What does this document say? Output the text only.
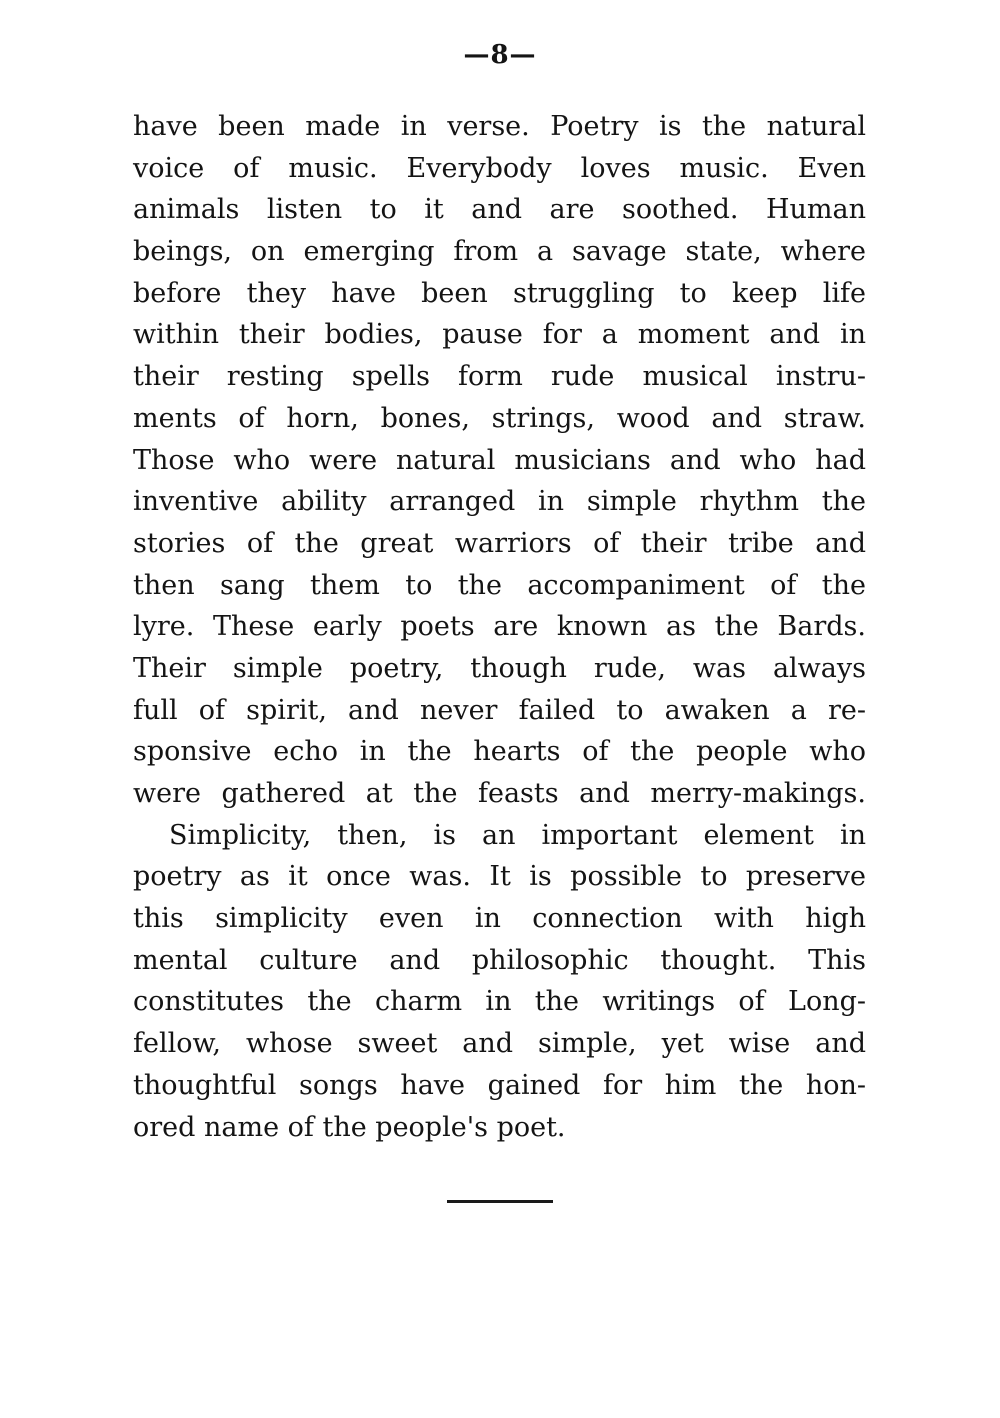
—8—
have been made in verse. Poetry is the natural
voice of music. Everybody loves music. Even
animals listen to it and are soothed. Human
beings, on emerging from a savage state, where
before they have been struggling to keep life
within their bodies, pause for a moment and in
their resting spells form rude musical instru-
ments of horn, bones, strings, wood and straw.
Those who were natural musicians and who had
inventive ability arranged in simple rhythm the
stories of the great warriors of their tribe and
then sang them to the accompaniment of the
lyre. These early poets are known as the Bards.
Their simple poetry, though rude, was always
full of spirit, and never failed to awaken a re-
sponsive echo in the hearts of the people who
were gathered at the feasts and merry-makings.
Simplicity, then, is an important element in
poetry as it once was. It is possible to preserve
this simplicity even in connection with high
mental culture and philosophic thought. This
constitutes the charm in the writings of Long-
fellow, whose sweet and simple, yet wise and
thoughtful songs have gained for him the hon-
ored name of the people's poet.
